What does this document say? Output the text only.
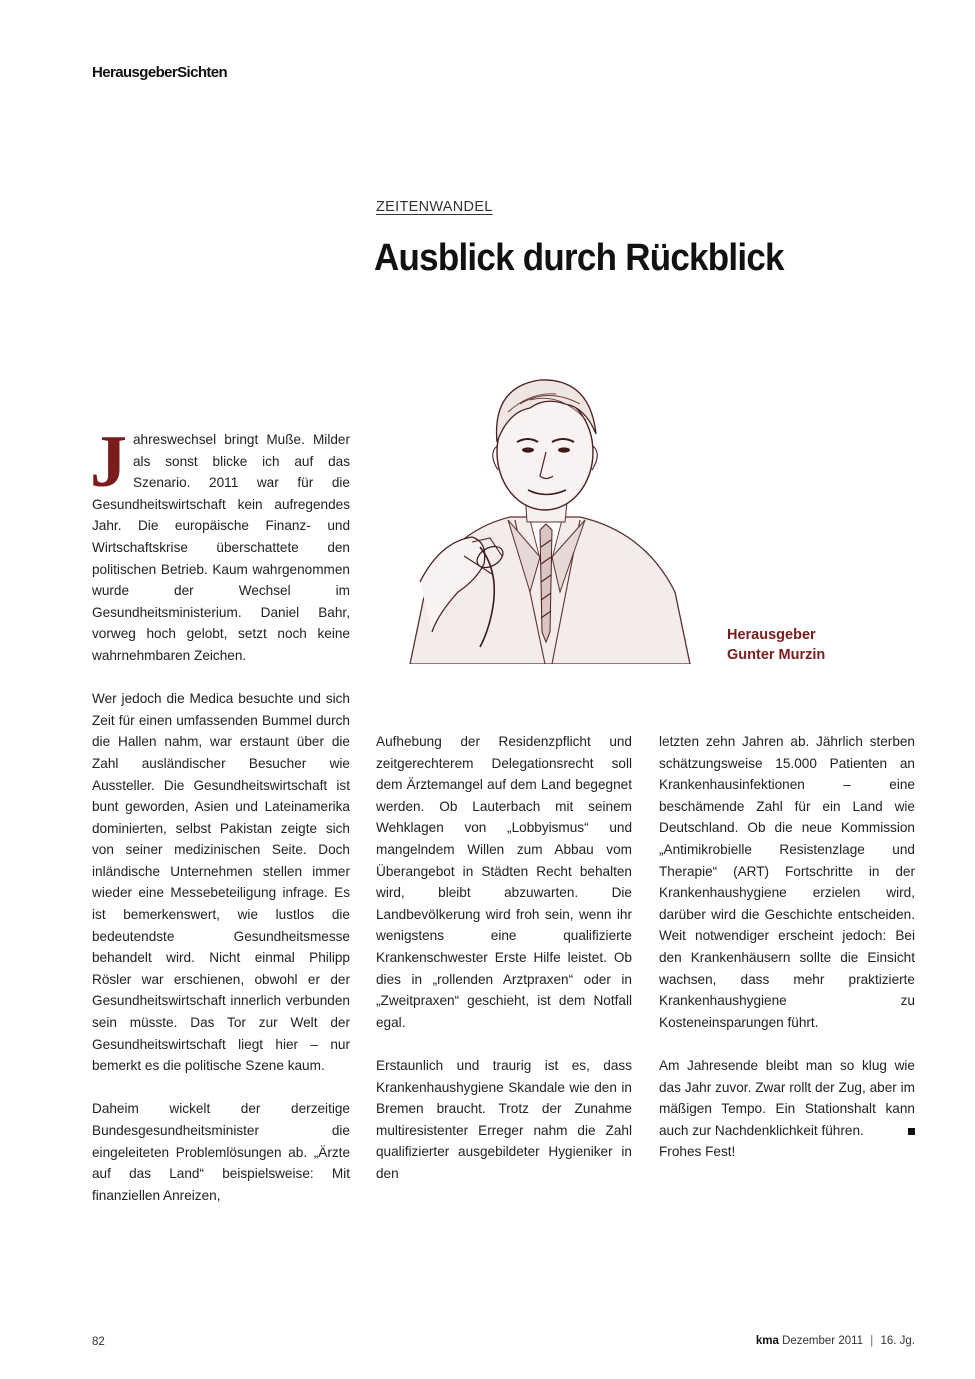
HerausgeberSichten
ZEITENWANDEL
Ausblick durch Rückblick
Herausgeber
Gunter Murzin

Jahreswechsel bringt Muße. Milder als sonst blicke ich auf das Szenario. 2011 war für die Gesundheitswirtschaft kein aufregendes Jahr. Die europäische Finanz- und Wirtschaftskrise überschattete den politischen Betrieb. Kaum wahrgenommen wurde der Wechsel im Gesundheitsministerium. Daniel Bahr, vorweg hoch gelobt, setzt noch keine wahrnehmbaren Zeichen.

Wer jedoch die Medica besuchte und sich Zeit für einen umfassenden Bummel durch die Hallen nahm, war erstaunt über die Zahl ausländischer Besucher wie Aussteller. Die Gesundheitswirtschaft ist bunt geworden, Asien und Lateinamerika dominierten, selbst Pakistan zeigte sich von seiner medizinischen Seite. Doch inländische Unternehmen stellen immer wieder eine Messebeteiligung infrage. Es ist bemerkenswert, wie lustlos die bedeutendste Gesundheitsmesse behandelt wird. Nicht einmal Philipp Rösler war erschienen, obwohl er der Gesundheitswirtschaft innerlich verbunden sein müsste. Das Tor zur Welt der Gesundheitswirtschaft liegt hier – nur bemerkt es die politische Szene kaum.

Daheim wickelt der derzeitige Bundesgesundheitsminister die eingeleiteten Problemlösungen ab. „Ärzte auf das Land“ beispielsweise: Mit finanziellen Anreizen,

Aufhebung der Residenzpflicht und zeitgerechterem Delegationsrecht soll dem Ärztemangel auf dem Land begegnet werden. Ob Lauterbach mit seinem Wehklagen von „Lobbyismus“ und mangelndem Willen zum Abbau vom Überangebot in Städten Recht behalten wird, bleibt abzuwarten. Die Landbevölkerung wird froh sein, wenn ihr wenigstens eine qualifizierte Krankenschwester Erste Hilfe leistet. Ob dies in „rollenden Arztpraxen“ oder in „Zweitpraxen“ geschieht, ist dem Notfall egal.

Erstaunlich und traurig ist es, dass Krankenhaushygiene Skandale wie den in Bremen braucht. Trotz der Zunahme multiresistenter Erreger nahm die Zahl qualifizierter ausgebildeter Hygieniker in den

letzten zehn Jahren ab. Jährlich sterben schätzungsweise 15.000 Patienten an Krankenhausinfektionen – eine beschämende Zahl für ein Land wie Deutschland. Ob die neue Kommission „Antimikrobielle Resistenzlage und Therapie“ (ART) Fortschritte in der Krankenhaushygiene erzielen wird, darüber wird die Geschichte entscheiden. Weit notwendiger erscheint jedoch: Bei den Krankenhäusern sollte die Einsicht wachsen, dass mehr praktizierte Krankenhaushygiene zu Kosteneinsparungen führt.

Am Jahresende bleibt man so klug wie das Jahr zuvor. Zwar rollt der Zug, aber im mäßigen Tempo. Ein Stationshalt kann auch zur Nachdenklichkeit führen.

Frohes Fest!

82	kma Dezember 2011 | 16. Jg.
